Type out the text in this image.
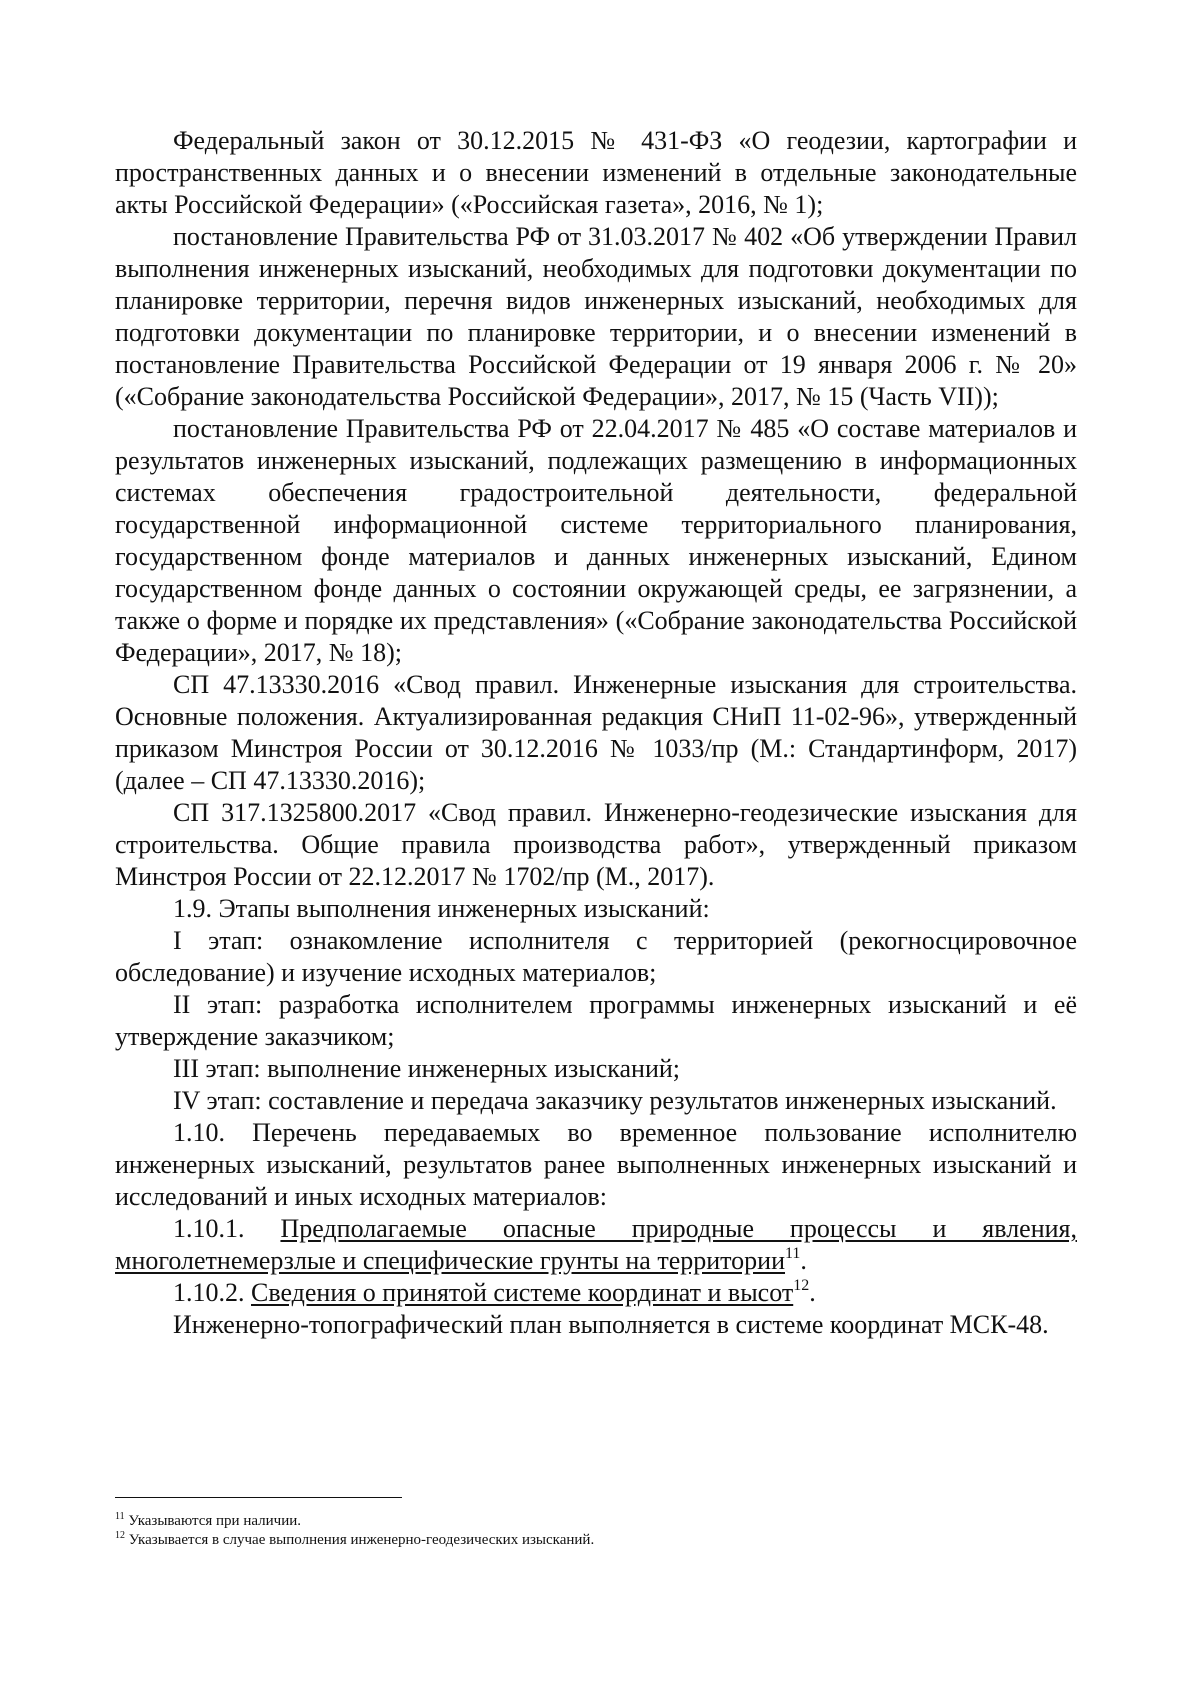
Федеральный закон от 30.12.2015 № 431-ФЗ «О геодезии, картографии и пространственных данных и о внесении изменений в отдельные законодательные акты Российской Федерации» («Российская газета», 2016, № 1);

постановление Правительства РФ от 31.03.2017 № 402 «Об утверждении Правил выполнения инженерных изысканий, необходимых для подготовки документации по планировке территории, перечня видов инженерных изысканий, необходимых для подготовки документации по планировке территории, и о внесении изменений в постановление Правительства Российской Федерации от 19 января 2006 г. № 20» («Собрание законодательства Российской Федерации», 2017, № 15 (Часть VII));

постановление Правительства РФ от 22.04.2017 № 485 «О составе материалов и результатов инженерных изысканий, подлежащих размещению в информационных системах обеспечения градостроительной деятельности, федеральной государственной информационной системе территориального планирования, государственном фонде материалов и данных инженерных изысканий, Едином государственном фонде данных о состоянии окружающей среды, ее загрязнении, а также о форме и порядке их представления» («Собрание законодательства Российской Федерации», 2017, № 18);

СП 47.13330.2016 «Свод правил. Инженерные изыскания для строительства. Основные положения. Актуализированная редакция СНиП 11-02-96», утвержденный приказом Минстроя России от 30.12.2016 № 1033/пр (М.: Стандартинформ, 2017) (далее – СП 47.13330.2016);

СП 317.1325800.2017 «Свод правил. Инженерно-геодезические изыскания для строительства. Общие правила производства работ», утвержденный приказом Минстроя России от 22.12.2017 № 1702/пр (М., 2017).

1.9. Этапы выполнения инженерных изысканий:

I этап: ознакомление исполнителя с территорией (рекогносцировочное обследование) и изучение исходных материалов;

II этап: разработка исполнителем программы инженерных изысканий и её утверждение заказчиком;

III этап: выполнение инженерных изысканий;

IV этап: составление и передача заказчику результатов инженерных изысканий.

1.10. Перечень передаваемых во временное пользование исполнителю инженерных изысканий, результатов ранее выполненных инженерных изысканий и исследований и иных исходных материалов:

1.10.1. Предполагаемые опасные природные процессы и явления, многолетнемерзлые и специфические грунты на территории$^{11}$.

1.10.2. Сведения о принятой системе координат и высот$^{12}$.

Инженерно-топографический план выполняется в системе координат МСК-48.

$^{11}$ Указываются при наличии.

$^{12}$ Указывается в случае выполнения инженерно-геодезических изысканий.
